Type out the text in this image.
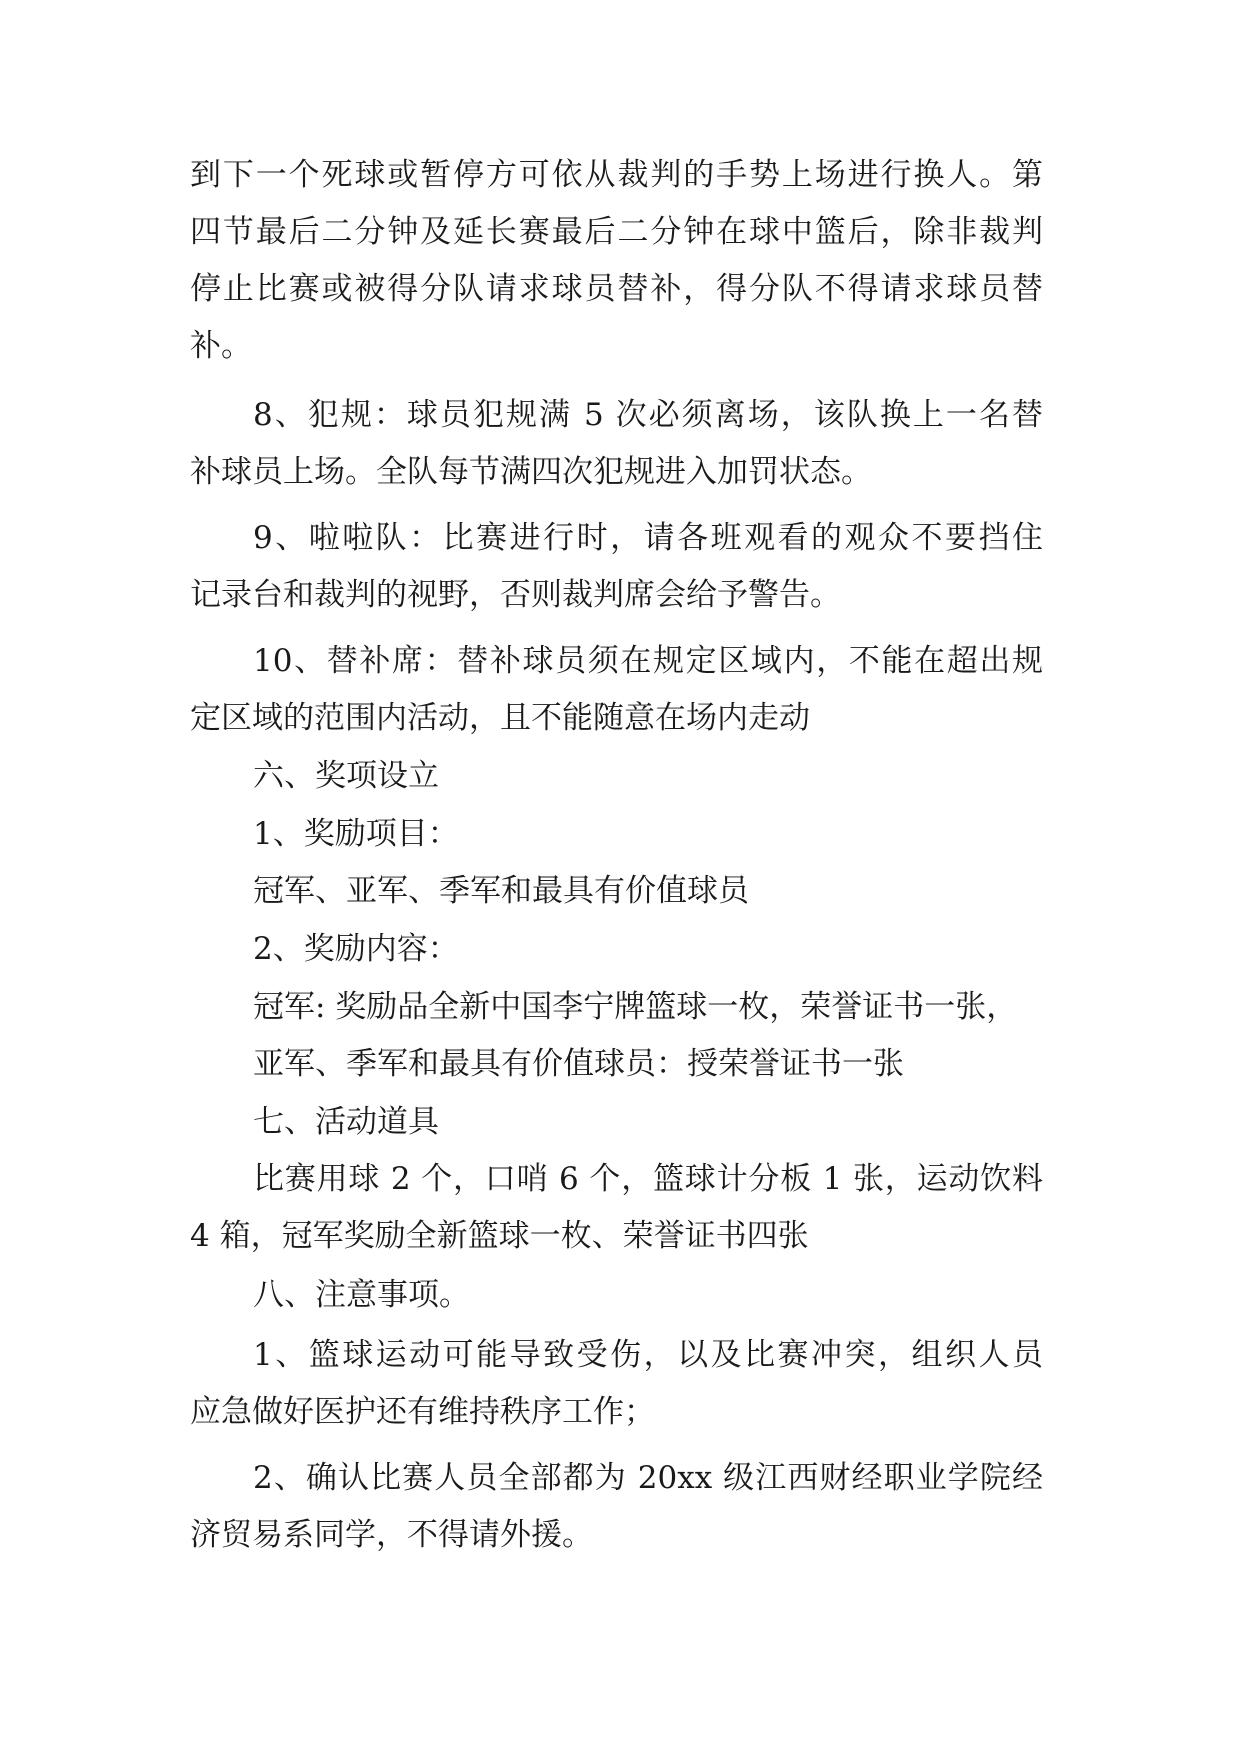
到下一个死球或暂停方可依从裁判的手势上场进行换人。第
四节最后二分钟及延长赛最后二分钟在球中篮后，除非裁判
停止比赛或被得分队请求球员替补，得分队不得请求球员替
补。
8、犯规：球员犯规满 5 次必须离场，该队换上一名替
补球员上场。全队每节满四次犯规进入加罚状态。
9、啦啦队：比赛进行时，请各班观看的观众不要挡住
记录台和裁判的视野，否则裁判席会给予警告。
10、替补席：替补球员须在规定区域内，不能在超出规
定区域的范围内活动，且不能随意在场内走动
六、奖项设立
1、奖励项目：
冠军、亚军、季军和最具有价值球员
2、奖励内容：
冠军: 奖励品全新中国李宁牌篮球一枚，荣誉证书一张，
亚军、季军和最具有价值球员：授荣誉证书一张
七、活动道具
比赛用球 2 个，口哨 6 个，篮球计分板 1 张，运动饮料
4 箱，冠军奖励全新篮球一枚、荣誉证书四张
八、注意事项。
1、篮球运动可能导致受伤，以及比赛冲突，组织人员
应急做好医护还有维持秩序工作；
2、确认比赛人员全部都为 20xx 级江西财经职业学院经
济贸易系同学，不得请外援。
